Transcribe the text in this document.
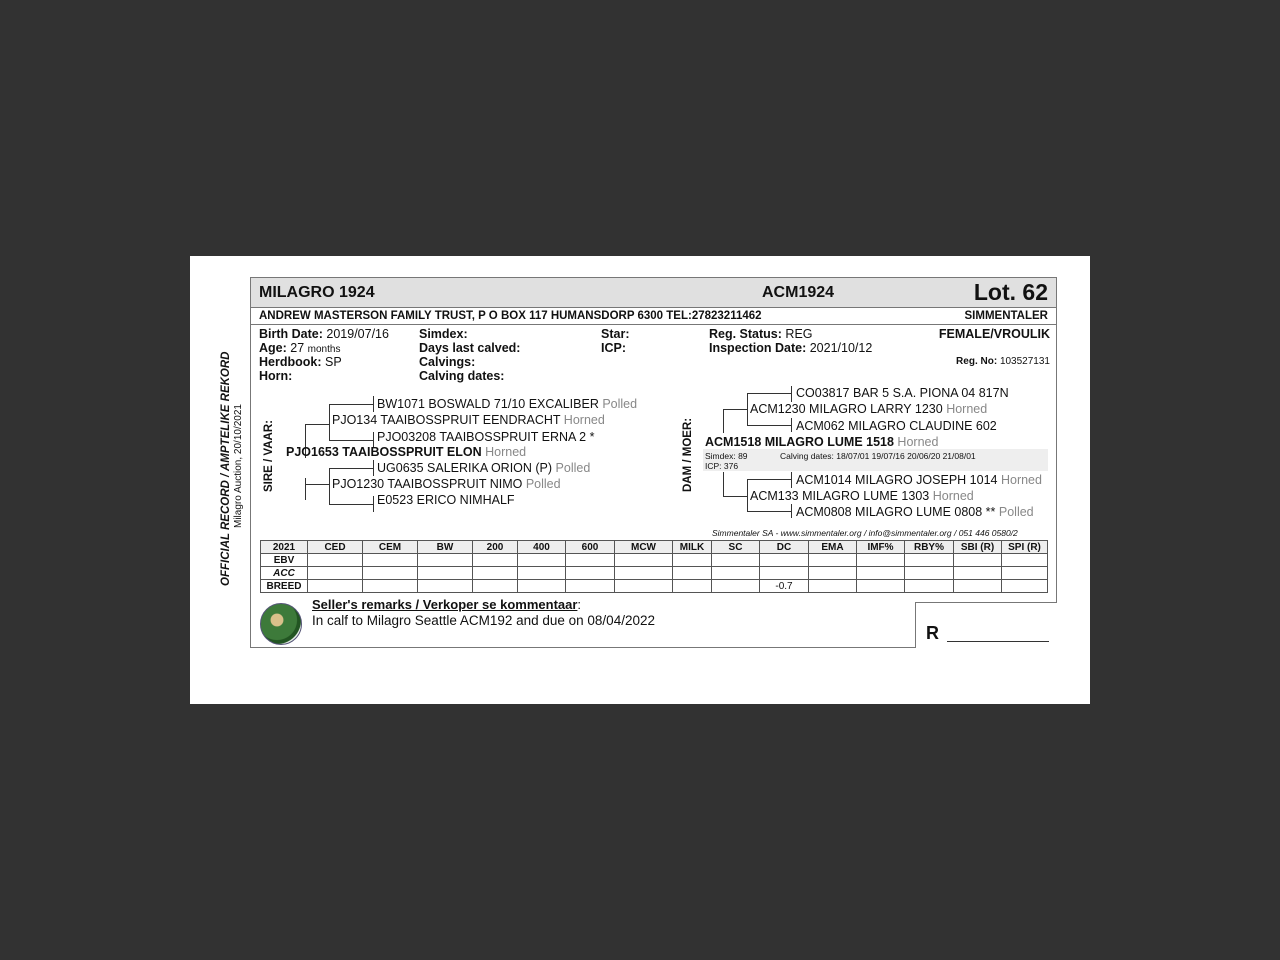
OFFICIAL RECORD / AMPTELIKE REKORD Milagro Auction, 20/10/2021
MILAGRO 1924	ACM1924	Lot. 62
ANDREW MASTERSON FAMILY TRUST, P O BOX 117 HUMANSDORP 6300 TEL:27823211462	SIMMENTALER
Birth Date: 2019/07/16
Age: 27 months
Herdbook: SP
Horn:
Simdex:
Days last calved:
Calvings:
Calving dates:
Star:
ICP:
Reg. Status: REG
Inspection Date: 2021/10/12
FEMALE/VROULIK
Reg. No: 103527131
SIRE / VAAR:
BW1071 BOSWALD 71/10 EXCALIBER Polled
PJO134 TAAIBOSSPRUIT EENDRACHT Horned
PJO03208 TAAIBOSSPRUIT ERNA 2 *
PJO1653 TAAIBOSSPRUIT ELON Horned
UG0635 SALERIKA ORION (P) Polled
PJO1230 TAAIBOSSPRUIT NIMO Polled
E0523 ERICO NIMHALF
DAM / MOER:
CO03817 BAR 5 S.A. PIONA 04 817N
ACM1230 MILAGRO LARRY 1230 Horned
ACM062 MILAGRO CLAUDINE 602
ACM1518 MILAGRO LUME 1518 Horned
Simdex: 89	Calving dates: 18/07/01 19/07/16 20/06/20 21/08/01
ICP: 376
ACM1014 MILAGRO JOSEPH 1014 Horned
ACM133 MILAGRO LUME 1303 Horned
ACM0808 MILAGRO LUME 0808 ** Polled
Simmentaler SA - www.simmentaler.org / info@simmentaler.org / 051 446 0580/2
2021	CED	CEM	BW	200	400	600	MCW	MILK	SC	DC	EMA	IMF%	RBY%	SBI (R)	SPI (R)
EBV															
ACC															
BREED										-0.7					
Seller's remarks / Verkoper se kommentaar:
In calf to Milagro Seattle ACM192 and due on 08/04/2022
R
